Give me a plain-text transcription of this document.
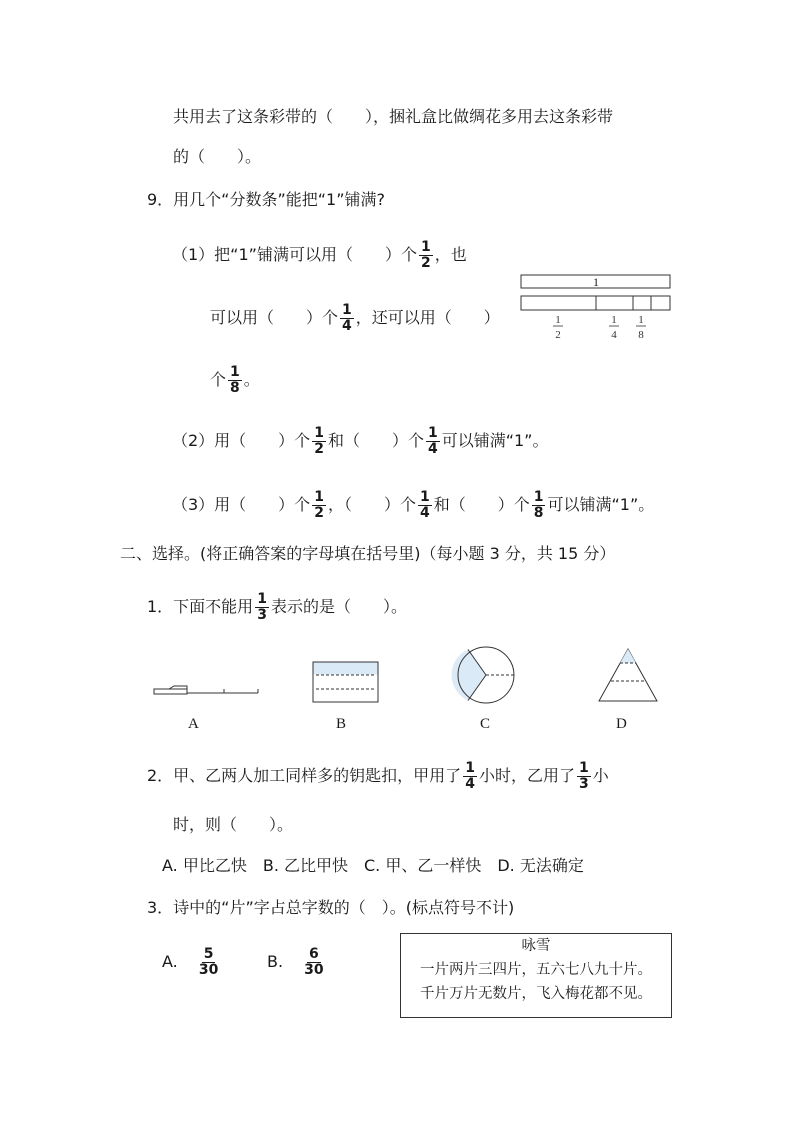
共用去了这条彩带的（　　），捆礼盒比做绸花多用去这条彩带
的（　　）。
9．用几个“分数条”能把“1”铺满?
（1）把“1”铺满可以用（　　）个 $\frac{1}{2}$ ，也
可以用（　　）个 $\frac{1}{4}$ ，还可以用（　　）
个 $\frac{1}{8}$ 。
1
1
2
1
4
1
8
（2）用（　　）个 $\frac{1}{2}$ 和（　　）个 $\frac{1}{4}$ 可以铺满“1”。
（3）用（　　）个 $\frac{1}{2}$ ，（　　）个 $\frac{1}{4}$ 和（　　）个 $\frac{1}{8}$ 可以铺满“1”。
二、选择。(将正确答案的字母填在括号里)（每小题 3 分，共 15 分）
1．下面不能用 $\frac{1}{3}$ 表示的是（　　）。
A	B	C	D
2．甲、乙两人加工同样多的钥匙扣，甲用了 $\frac{1}{4}$ 小时，乙用了 $\frac{1}{3}$ 小
时，则（　　）。
A. 甲比乙快　B. 乙比甲快　C. 甲、乙一样快　D. 无法确定
3．诗中的“片”字占总字数的（　）。(标点符号不计)
A. $\frac{5}{30}$	B. $\frac{6}{30}$
咏雪
一片两片三四片，五六七八九十片。
千片万片无数片，飞入梅花都不见。
